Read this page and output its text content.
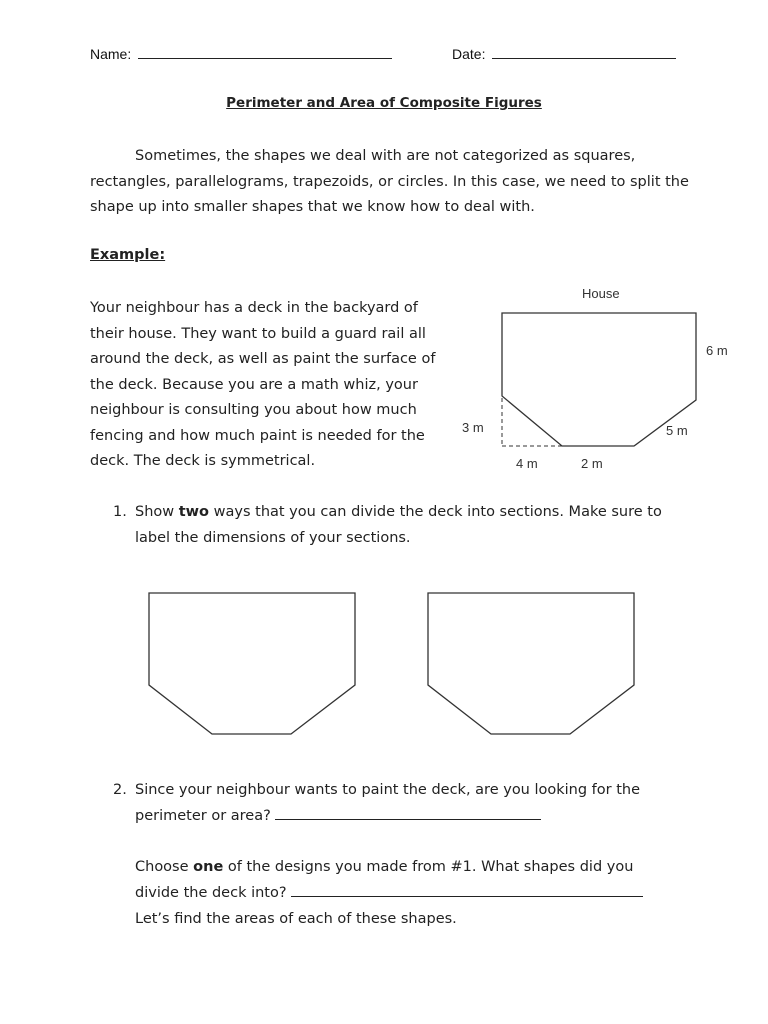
Name:	Date:
Perimeter and Area of Composite Figures
Sometimes, the shapes we deal with are not categorized as squares, rectangles, parallelograms, trapezoids, or circles. In this case, we need to split the shape up into smaller shapes that we know how to deal with.
Example:
Your neighbour has a deck in the backyard of their house. They want to build a guard rail all around the deck, as well as paint the surface of the deck. Because you are a math whiz, your neighbour is consulting you about how much fencing and how much paint is needed for the deck. The deck is symmetrical.
House
6 m
3 m	5 m
4 m	2 m
1. Show two ways that you can divide the deck into sections. Make sure to label the dimensions of your sections.
2. Since your neighbour wants to paint the deck, are you looking for the perimeter or area?
Choose one of the designs you made from #1. What shapes did you divide the deck into?
Let’s find the areas of each of these shapes.
